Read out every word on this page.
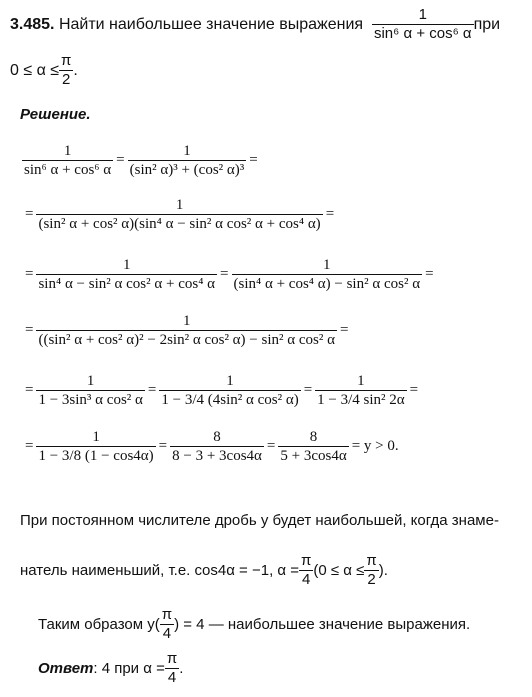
3.485.
Найти наибольшее значение выражения
$\frac{1}{\text{sin⁶ α + cos⁶ α}}$ при
$0 \le \alpha \le \frac{\pi}{2}$ .
Решение.
$\frac{1}{\text{sin⁶ α + cos⁶ α}} = \frac{1}{\text{(sin² α)³ + (cos² α)³}}$ =
= $\frac{1}{\text{(sin² α + cos² α)(sin⁴ α − sin² α cos² α + cos⁴ α)}}$ =
= $\frac{1}{\text{sin⁴ α − sin² α cos² α + cos⁴ α}} = \frac{1}{\text{(sin⁴ α + cos⁴ α) − sin² α cos² α}}$ =
= $\frac{1}{\text{((sin² α + cos² α)² − 2sin² α cos² α) − sin² α cos² α}}$ =
= $\frac{1}{\text{1 − 3sin³ α cos² α}} = \frac{1}{\text{1 − 3/4 (4sin² α cos² α)}} = \frac{1}{\text{1 − 3/4 sin² 2α}}$ =
= $\frac{1}{1 - 3/8 (1 - \cos 4\alpha)} = \frac{8}{8 - 3 + 3\cos 4\alpha} = \frac{8}{5 + 3\cos 4\alpha} = y > 0$.
При постоянном числителе дробь y будет наибольшей, когда знаме-
натель наименьший, т.е. cos4α = −1, $\alpha = \frac{\pi}{4} (0 \le \alpha \le \frac{\pi}{2}$ ).
Таким образом $y( \frac{\pi}{4}$ ) = 4 — наибольшее значение выражения.
Ответ : 4 при $\alpha = \frac{\pi}{4}$ .
